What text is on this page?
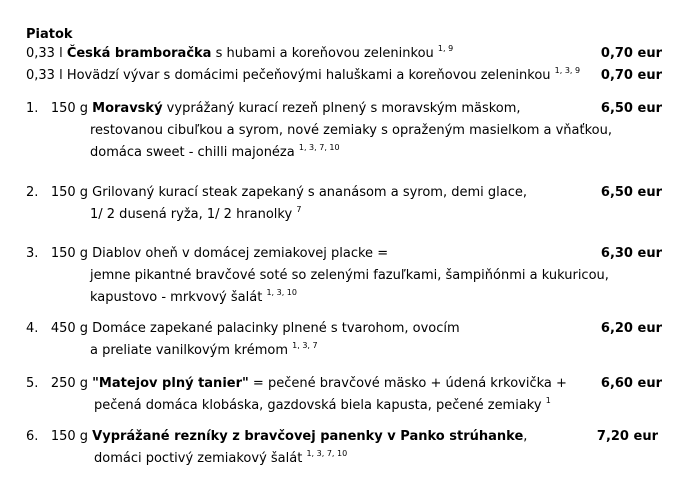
Piatok
0,33 l Česká bramboračka s hubami a koreňovou zeleninkou $^{1, 9}$	0,70 eur
0,33 l Hovädzí vývar s domácimi pečeňovými haluškami a koreňovou zeleninkou $^{1, 3, 9}$ 0,70 eur
1. 150 g Moravský vyprážaný kurací rezeň plnený s moravským mäskom,	6,50 eur
restovanou cibuľkou a syrom, nové zemiaky s opraženým masielkom a vňaťkou,
domáca sweet - chilli majonéza $^{1, 3, 7, 10}$
2. 150 g Grilovaný kurací steak zapekaný s ananásom a syrom, demi glace,	6,50 eur
1/ 2 dusená ryža, 1/ 2 hranolky $^7$
3. 150 g Diablov oheň v domácej zemiakovej placke =	6,30 eur
jemne pikantné bravčové soté so zelenými fazuľkami, šampiňónmi a kukuricou,
kapustovo - mrkvový šalát $^{1, 3, 10}$
4. 450 g Domáce zapekané palacinky plnené s tvarohom, ovocím	6,20 eur
a preliate vanilkovým krémom $^{1, 3, 7}$
5. 250 g "Matejov plný tanier" = pečené bravčové mäsko + údená krkovička +	6,60 eur
pečená domáca klobáska, gazdovská biela kapusta, pečené zemiaky $^1$
6. 150 g Vyprážané rezníky z bravčovej panenky v Panko strúhanke,	7,20 eur
domáci poctivý zemiakový šalát $^{1, 3, 7, 10}$
